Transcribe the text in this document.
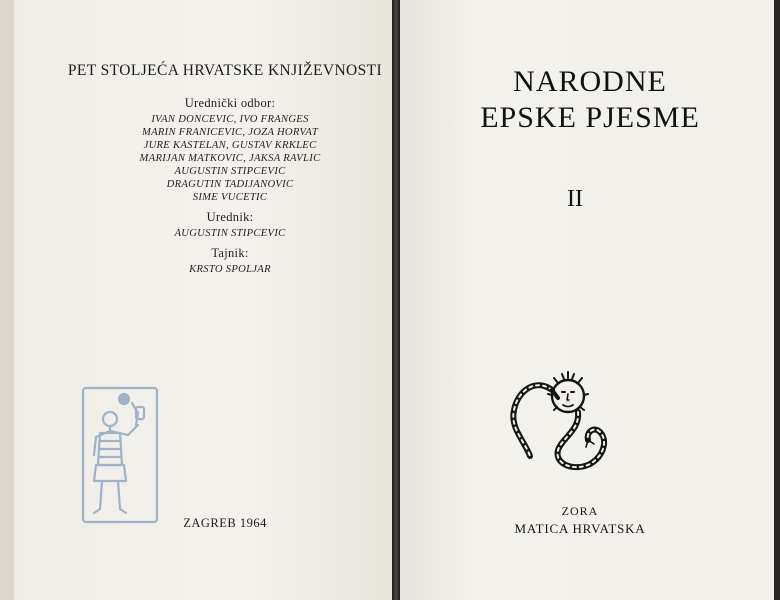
PET STOLJEĆA HRVATSKE KNJIŽEVNOSTI
Urednički odbor:
IVAN DONCEVIC, IVO FRANGES
MARIN FRANICEVIC, JOZA HORVAT
JURE KASTELAN, GUSTAV KRKLEC
MARIJAN MATKOVIC, JAKSA RAVLIC
AUGUSTIN STIPCEVIC
DRAGUTIN TADIJANOVIC
SIME VUCETIC
Urednik:
AUGUSTIN STIPCEVIC
Tajnik:
KRSTO SPOLJAR
ZAGREB 1964
NARODNE
EPSKE PJESME
II
ZORA
MATICA HRVATSKA
